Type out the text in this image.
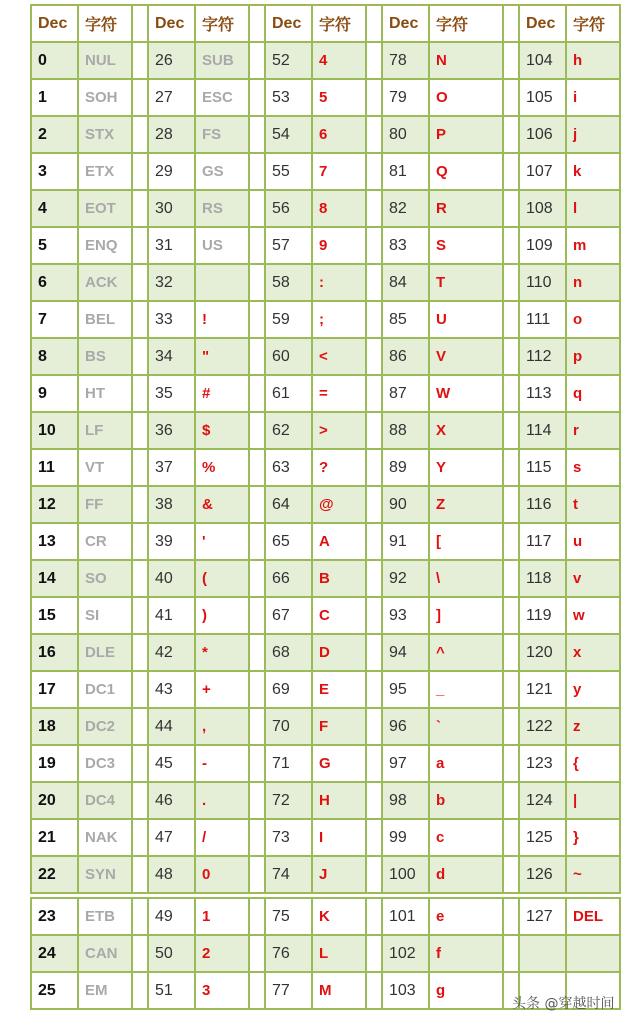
Dec	字符		Dec	字符		Dec	字符		Dec	字符		Dec	字符
0	NUL		26	SUB		52	4		78	N		104	h
1	SOH		27	ESC		53	5		79	O		105	i
2	STX		28	FS		54	6		80	P		106	j
3	ETX		29	GS		55	7		81	Q		107	k
4	EOT		30	RS		56	8		82	R		108	l
5	ENQ		31	US		57	9		83	S		109	m
6	ACK		32			58	:		84	T		110	n
7	BEL		33	!		59	;		85	U		111	o
8	BS		34	"		60	<		86	V		112	p
9	HT		35	#		61	=		87	W		113	q
10	LF		36	$		62	>		88	X		114	r
11	VT		37	%		63	?		89	Y		115	s
12	FF		38	&		64	@		90	Z		116	t
13	CR		39	'		65	A		91	[		117	u
14	SO		40	(		66	B		92	\		118	v
15	SI		41	)		67	C		93	]		119	w
16	DLE		42	*		68	D		94	^		120	x
17	DC1		43	+		69	E		95	_		121	y
18	DC2		44	,		70	F		96	`		122	z
19	DC3		45	-		71	G		97	a		123	{
20	DC4		46	.		72	H		98	b		124	|
21	NAK		47	/		73	I		99	c		125	}
22	SYN		48	0		74	J		100	d		126	~
23	ETB		49	1		75	K		101	e		127	DEL
24	CAN		50	2		76	L		102	f			
25	EM		51	3		77	M		103	g			
头条 @穿越时间
